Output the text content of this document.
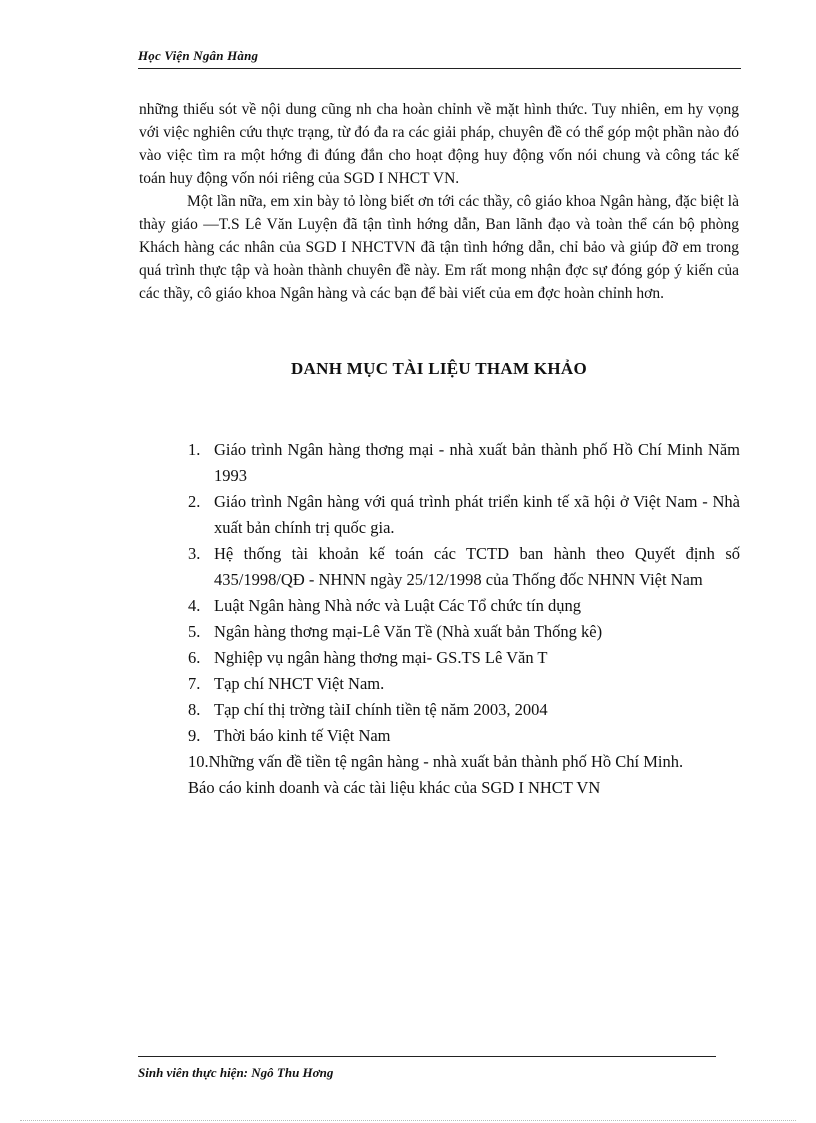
Học Viện Ngân Hàng

những thiếu sót về nội dung cũng nh cha hoàn chỉnh về mặt hình thức. Tuy nhiên, em hy vọng với việc nghiên cứu thực trạng, từ đó đa ra các giải pháp, chuyên đề có thể góp một phần nào đó vào việc tìm ra một hớng đi đúng đắn cho hoạt động huy động vốn nói chung và công tác kế toán huy động vốn nói riêng của SGD I NHCT VN.

Một lần nữa, em xin bày tỏ lòng biết ơn tới các thầy, cô giáo khoa Ngân hàng, đặc biệt là thày giáo —T.S Lê Văn Luyện đã tận tình hớng dẫn, Ban lãnh đạo và toàn thể cán bộ phòng Khách hàng các nhân của SGD I NHCTVN đã tận tình hớng dẫn, chỉ bảo và giúp đỡ em trong quá trình thực tập và hoàn thành chuyên đề này. Em rất mong nhận đợc sự đóng góp ý kiến của các thầy, cô giáo khoa Ngân hàng và các bạn để bài viết của em đợc hoàn chỉnh hơn.

DANH MỤC TÀI LIỆU THAM KHẢO
1. Giáo trình Ngân hàng thơng mại - nhà xuất bản thành phố Hồ Chí Minh Năm 1993
2. Giáo trình Ngân hàng với quá trình phát triển kinh tế xã hội ở Việt Nam - Nhà xuất bản chính trị quốc gia.
3. Hệ thống tài khoản kế toán các TCTD ban hành theo Quyết định số 435/1998/QĐ - NHNN ngày 25/12/1998 của Thống đốc NHNN Việt Nam
4. Luật Ngân hàng Nhà nớc và Luật Các Tổ chức tín dụng
5. Ngân hàng thơng mại-Lê Văn Tề (Nhà xuất bản Thống kê)
6. Nghiệp vụ ngân hàng thơng mại- GS.TS Lê Văn T
7. Tạp chí NHCT Việt Nam.
8. Tạp chí thị trờng tàiI chính tiền tệ năm 2003, 2004
9. Thời báo kinh tế Việt Nam
10.Những vấn đề tiền tệ ngân hàng - nhà xuất bản thành phố Hồ Chí Minh.
Báo cáo kinh doanh và các tài liệu khác của SGD I NHCT VN
Sinh viên thực hiện: Ngô Thu Hơng
